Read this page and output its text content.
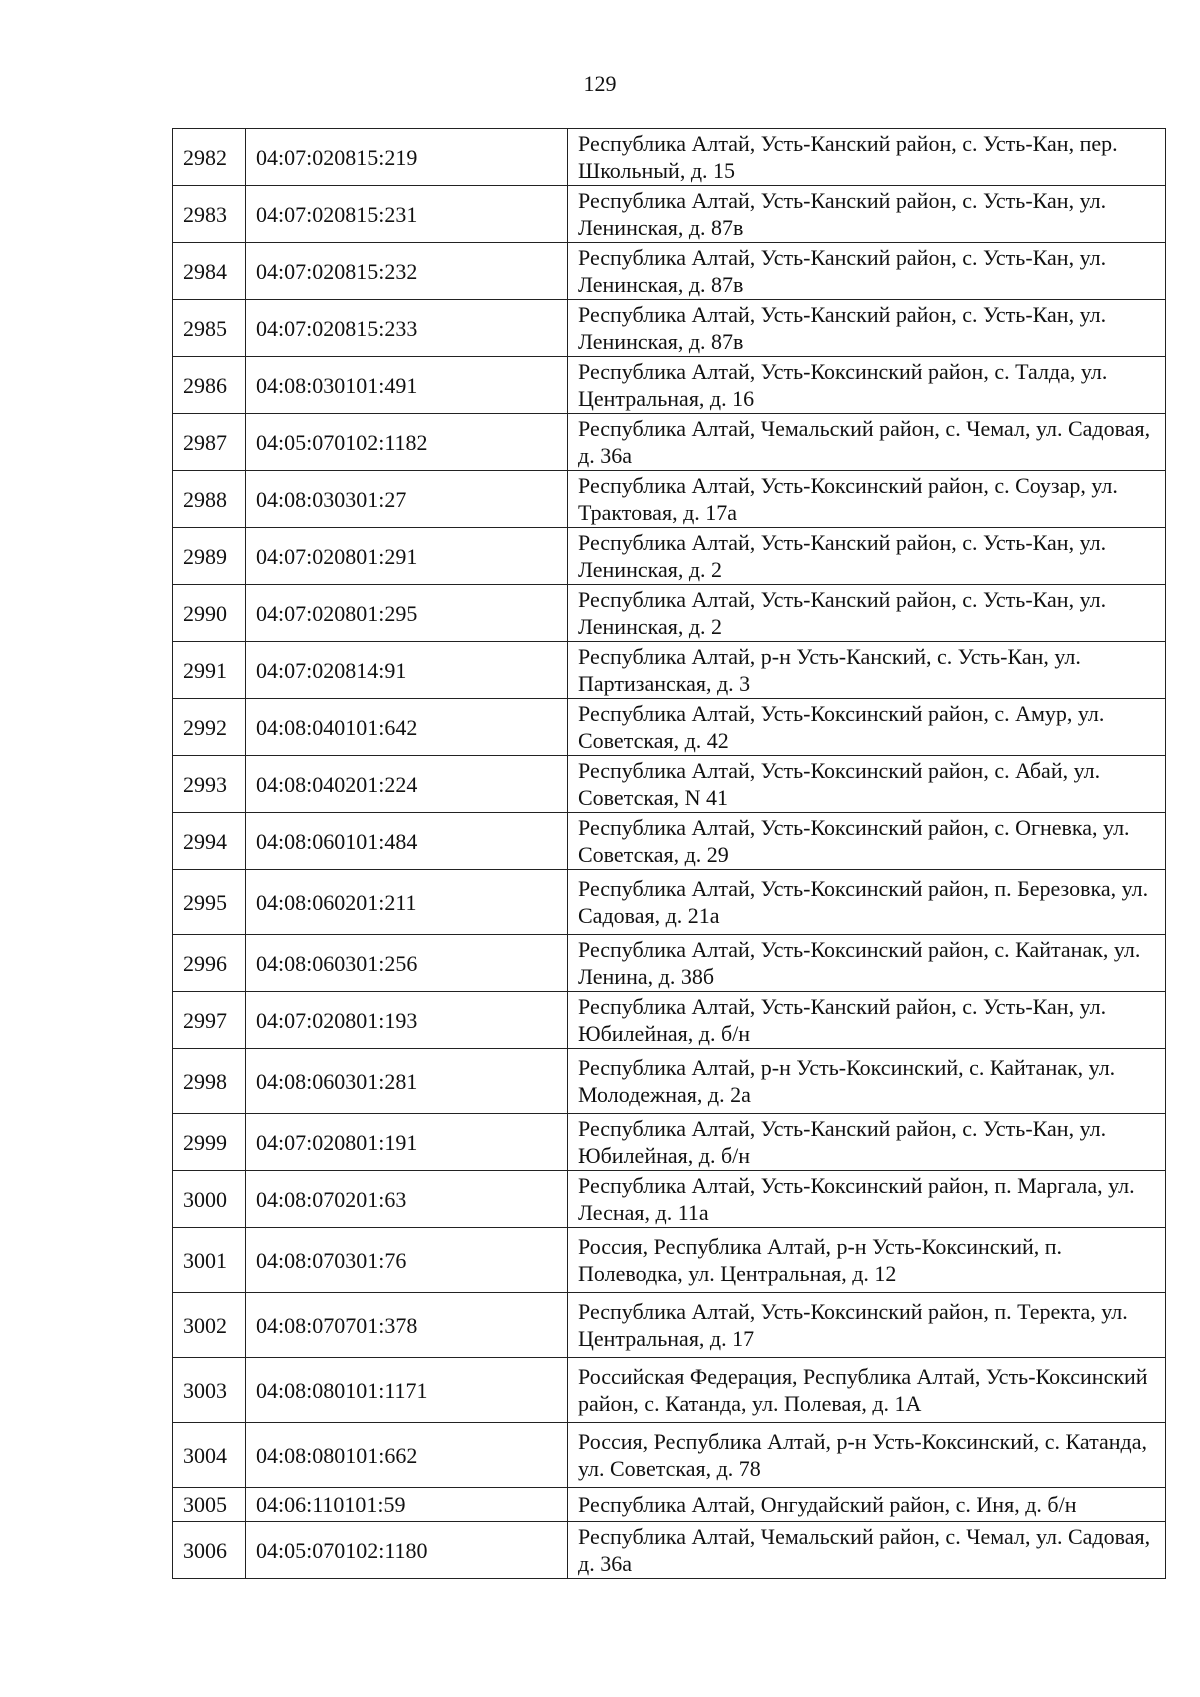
129
2982	04:07:020815:219	Республика Алтай, Усть-Канский район, с. Усть-Кан, пер. Школьный, д. 15
2983	04:07:020815:231	Республика Алтай, Усть-Канский район, с. Усть-Кан, ул. Ленинская, д. 87в
2984	04:07:020815:232	Республика Алтай, Усть-Канский район, с. Усть-Кан, ул. Ленинская, д. 87в
2985	04:07:020815:233	Республика Алтай, Усть-Канский район, с. Усть-Кан, ул. Ленинская, д. 87в
2986	04:08:030101:491	Республика Алтай, Усть-Коксинский район, с. Талда, ул. Центральная, д. 16
2987	04:05:070102:1182	Республика Алтай, Чемальский район, с. Чемал, ул. Садовая, д. 36а
2988	04:08:030301:27	Республика Алтай, Усть-Коксинский район, с. Соузар, ул. Трактовая, д. 17а
2989	04:07:020801:291	Республика Алтай, Усть-Канский район, с. Усть-Кан, ул. Ленинская, д. 2
2990	04:07:020801:295	Республика Алтай, Усть-Канский район, с. Усть-Кан, ул. Ленинская, д. 2
2991	04:07:020814:91	Республика Алтай, р-н Усть-Канский, с. Усть-Кан, ул. Партизанская, д. 3
2992	04:08:040101:642	Республика Алтай, Усть-Коксинский район, с. Амур, ул. Советская, д. 42
2993	04:08:040201:224	Республика Алтай, Усть-Коксинский район, с. Абай, ул. Советская, N 41
2994	04:08:060101:484	Республика Алтай, Усть-Коксинский район, с. Огневка, ул. Советская, д. 29
2995	04:08:060201:211	Республика Алтай, Усть-Коксинский район, п. Березовка, ул. Садовая, д. 21а
2996	04:08:060301:256	Республика Алтай, Усть-Коксинский район, с. Кайтанак, ул. Ленина, д. 38б
2997	04:07:020801:193	Республика Алтай, Усть-Канский район, с. Усть-Кан, ул. Юбилейная, д. б/н
2998	04:08:060301:281	Республика Алтай, р-н Усть-Коксинский, с. Кайтанак, ул. Молодежная, д. 2а
2999	04:07:020801:191	Республика Алтай, Усть-Канский район, с. Усть-Кан, ул. Юбилейная, д. б/н
3000	04:08:070201:63	Республика Алтай, Усть-Коксинский район, п. Маргала, ул. Лесная, д. 11а
3001	04:08:070301:76	Россия, Республика Алтай, р-н Усть-Коксинский, п. Полеводка, ул. Центральная, д. 12
3002	04:08:070701:378	Республика Алтай, Усть-Коксинский район, п. Теректа, ул. Центральная, д. 17
3003	04:08:080101:1171	Российская Федерация, Республика Алтай, Усть-Коксинский район, с. Катанда, ул. Полевая, д. 1А
3004	04:08:080101:662	Россия, Республика Алтай, р-н Усть-Коксинский, с. Катанда, ул. Советская, д. 78
3005	04:06:110101:59	Республика Алтай, Онгудайский район, с. Иня, д. б/н
3006	04:05:070102:1180	Республика Алтай, Чемальский район, с. Чемал, ул. Садовая, д. 36а
